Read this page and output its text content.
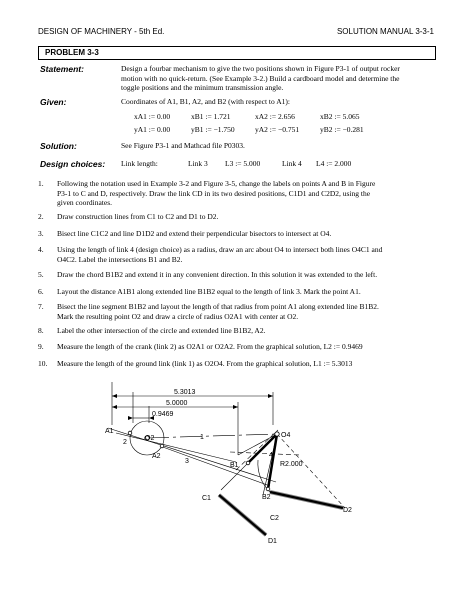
DESIGN OF MACHINERY - 5th Ed.	SOLUTION MANUAL 3-3-1
PROBLEM 3-3
Statement:	Design a fourbar mechanism to give the two positions shown in Figure P3-1 of output rocker
motion with no quick-return. (See Example 3-2.) Build a cardboard model and determine the
toggle positions and the minimum transmission angle.
Given:	Coordinates of A1, B1, A2, and B2 (with respect to A1):
xA1 := 0.00	xB1 := 1.721	xA2 := 2.656	xB2 := 5.065
yA1 := 0.00	yB1 := −1.750	yA2 := −0.751	yB2 := −0.281
Solution:	See Figure P3-1 and Mathcad file P0303.
Design choices: Link length:	Link 3 L3 := 5.000	Link 4 L4 := 2.000
1. Following the notation used in Example 3-2 and Figure 3-5, change the labels on points A and B in Figure
P3-1 to C and D, respectively. Draw the link CD in its two desired positions, C1D1 and C2D2, using the
given coordinates.
2. Draw construction lines from C1 to C2 and D1 to D2.
3. Bisect line C1C2 and line D1D2 and extend their perpendicular bisectors to intersect at O4.
4. Using the length of link 4 (design choice) as a radius, draw an arc about O4 to intersect both lines O4C1 and
O4C2. Label the intersections B1 and B2.
5. Draw the chord B1B2 and extend it in any convenient direction. In this solution it was extended to the left.
6. Layout the distance A1B1 along extended line B1B2 equal to the length of link 3. Mark the point A1.
7. Bisect the line segment B1B2 and layout the length of that radius from point A1 along extended line B1B2.
Mark the resulting point O2 and draw a circle of radius O2A1 with center at O2.
8. Label the other intersection of the circle and extended line B1B2, A2.
9. Measure the length of the crank (link 2) as O2A1 or O2A2. From the graphical solution, L2 := 0.9469
10. Measure the length of the ground link (link 1) as O2O4. From the graphical solution, L1 := 5.3013
5.3013
5.0000
0.9469
R2.000
A1
A2
O2	O4
B1
B2
C1
C2
D1
D2
1
2
3
4
